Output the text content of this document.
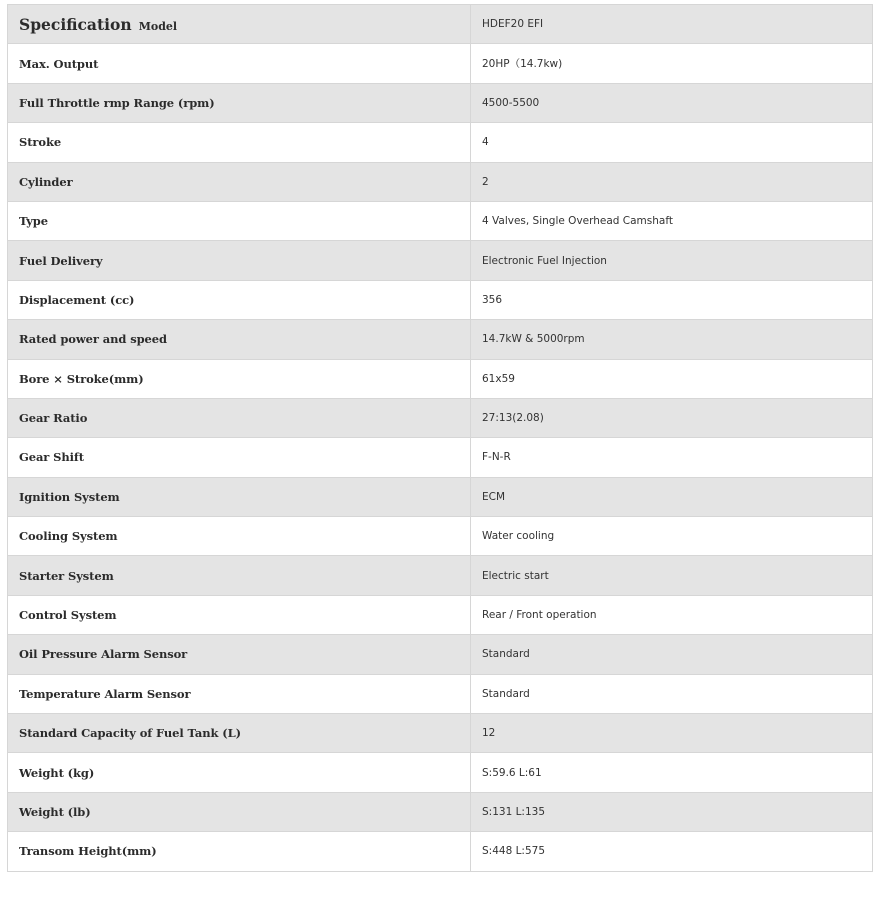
Specification Model	HDEF20 EFI
Max. Output	20HP（14.7kw)
Full Throttle rmp Range (rpm)	4500-5500
Stroke	4
Cylinder	2
Type	4 Valves, Single Overhead Camshaft
Fuel Delivery	Electronic Fuel Injection
Displacement (cc)	356
Rated power and speed	14.7kW & 5000rpm
Bore × Stroke(mm)	61x59
Gear Ratio	27:13(2.08)
Gear Shift	F-N-R
Ignition System	ECM
Cooling System	Water cooling
Starter System	Electric start
Control System	Rear / Front operation
Oil Pressure Alarm Sensor	Standard
Temperature Alarm Sensor	Standard
Standard Capacity of Fuel Tank (L)	12
Weight (kg)	S:59.6 L:61
Weight (lb)	S:131 L:135
Transom Height(mm)	S:448 L:575
